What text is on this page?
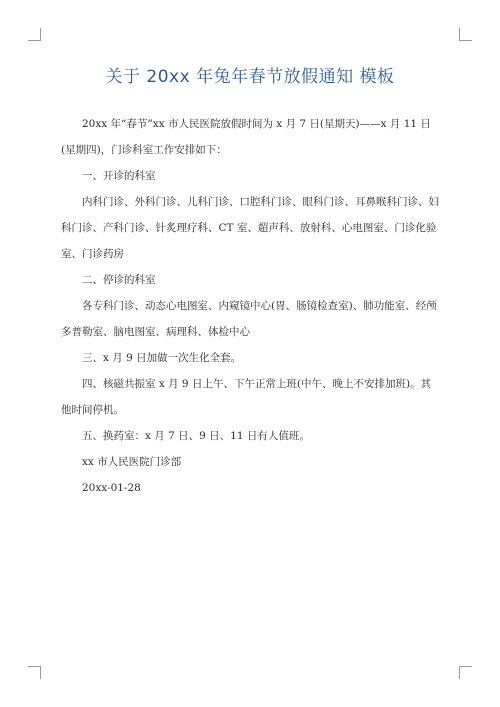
关于 20xx 年兔年春节放假通知 模板

20xx 年“春节”xx 市人民医院放假时间为 x 月 7 日(星期天)——x 月 11 日(星期四)，门诊科室工作安排如下：

一、开诊的科室

内科门诊、外科门诊、儿科门诊、口腔科门诊、眼科门诊、耳鼻喉科门诊、妇科门诊、产科门诊、针炙理疗科、CT 室、超声科、放射科、心电图室、门诊化验室、门诊药房

二、停诊的科室

各专科门诊、动态心电图室、内窥镜中心(胃、肠镜检查室)、肺功能室、经颅多普勒室、脑电图室、病理科、体检中心

三、x 月 9 日加做一次生化全套。

四、核磁共振室 x 月 9 日上午、下午正常上班(中午、晚上不安排加班)。其他时间停机。

五、换药室：x 月 7 日、9 日、11 日有人值班。

xx 市人民医院门诊部

20xx-01-28
